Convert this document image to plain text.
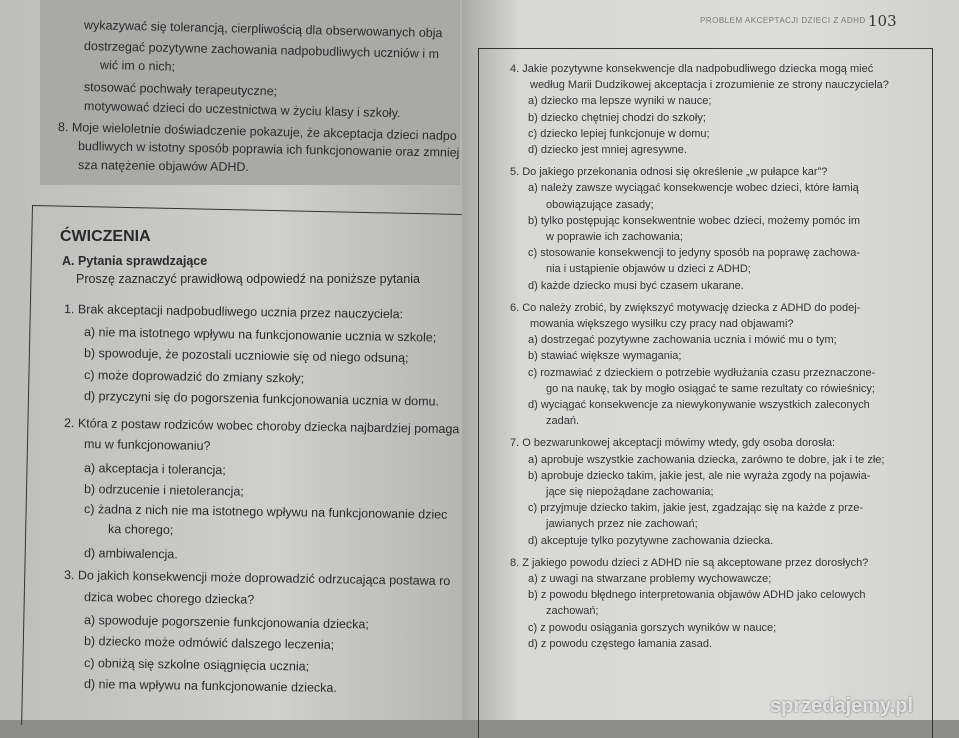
wykazywać się tolerancją, cierpliwością dla obserwowanych obja
dostrzegać pozytywne zachowania nadpobudliwych uczniów i m
wić im o nich;
stosować pochwały terapeutyczne;
motywować dzieci do uczestnictwa w życiu klasy i szkoły.
8. Moje wieloletnie doświadczenie pokazuje, że akceptacja dzieci nadpo
budliwych w istotny sposób poprawia ich funkcjonowanie oraz zmniej
sza natężenie objawów ADHD.
ĆWICZENIA
A. Pytania sprawdzające
Proszę zaznaczyć prawidłową odpowiedź na poniższe pytania
1. Brak akceptacji nadpobudliwego ucznia przez nauczyciela:
a) nie ma istotnego wpływu na funkcjonowanie ucznia w szkole;
b) spowoduje, że pozostali uczniowie się od niego odsuną;
c) może doprowadzić do zmiany szkoły;
d) przyczyni się do pogorszenia funkcjonowania ucznia w domu.
2. Która z postaw rodziców wobec choroby dziecka najbardziej pomaga
mu w funkcjonowaniu?
a) akceptacja i tolerancja;
b) odrzucenie i nietolerancja;
c) żadna z nich nie ma istotnego wpływu na funkcjonowanie dziec
ka chorego;
d) ambiwalencja.
3. Do jakich konsekwencji może doprowadzić odrzucająca postawa ro
dzica wobec chorego dziecka?
a) spowoduje pogorszenie funkcjonowania dziecka;
b) dziecko może odmówić dalszego leczenia;
c) obniżą się szkolne osiągnięcia ucznia;
d) nie ma wpływu na funkcjonowanie dziecka.
PROBLEM AKCEPTACJI DZIECI Z ADHD 103
4. Jakie pozytywne konsekwencje dla nadpobudliwego dziecka mogą mieć
według Marii Dudzikowej akceptacja i zrozumienie ze strony nauczyciela?
a) dziecko ma lepsze wyniki w nauce;
b) dziecko chętniej chodzi do szkoły;
c) dziecko lepiej funkcjonuje w domu;
d) dziecko jest mniej agresywne.
5. Do jakiego przekonania odnosi się określenie „w pułapce kar”?
a) należy zawsze wyciągać konsekwencje wobec dzieci, które łamią
obowiązujące zasady;
b) tylko postępując konsekwentnie wobec dzieci, możemy pomóc im
w poprawie ich zachowania;
c) stosowanie konsekwencji to jedyny sposób na poprawę zachowa-
nia i ustąpienie objawów u dzieci z ADHD;
d) każde dziecko musi być czasem ukarane.
6. Co należy zrobić, by zwiększyć motywację dziecka z ADHD do podej-
mowania większego wysiłku czy pracy nad objawami?
a) dostrzegać pozytywne zachowania ucznia i mówić mu o tym;
b) stawiać większe wymagania;
c) rozmawiać z dzieckiem o potrzebie wydłużania czasu przeznaczone-
go na naukę, tak by mogło osiągać te same rezultaty co rówieśnicy;
d) wyciągać konsekwencje za niewykonywanie wszystkich zaleconych
zadań.
7. O bezwarunkowej akceptacji mówimy wtedy, gdy osoba dorosła:
a) aprobuje wszystkie zachowania dziecka, zarówno te dobre, jak i te złe;
b) aprobuje dziecko takim, jakie jest, ale nie wyraża zgody na pojawia-
jące się niepożądane zachowania;
c) przyjmuje dziecko takim, jakie jest, zgadzając się na każde z prze-
jawianych przez nie zachowań;
d) akceptuje tylko pozytywne zachowania dziecka.
8. Z jakiego powodu dzieci z ADHD nie są akceptowane przez dorosłych?
a) z uwagi na stwarzane problemy wychowawcze;
b) z powodu błędnego interpretowania objawów ADHD jako celowych
zachowań;
c) z powodu osiągania gorszych wyników w nauce;
d) z powodu częstego łamania zasad.
sprzedajemy.pl
